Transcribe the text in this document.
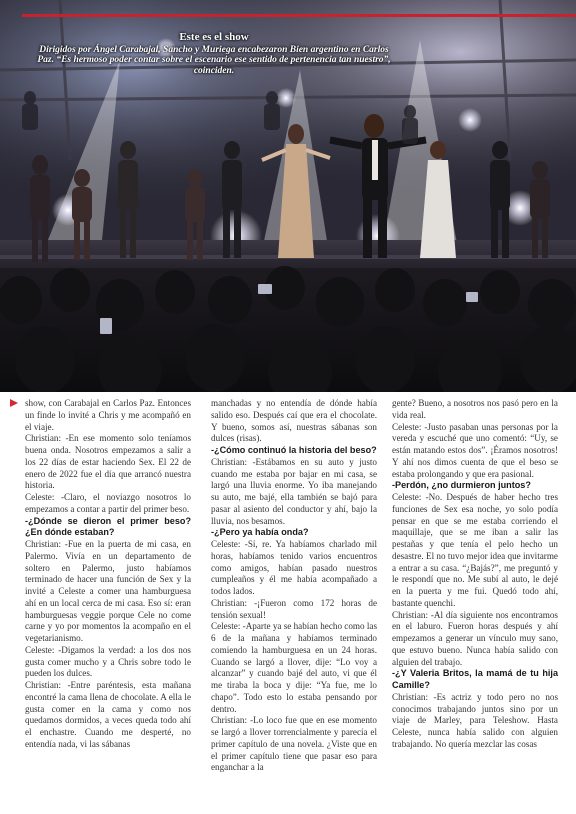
Este es el show
Dirigidos por Ángel Carabajal, Sancho y Muriega encabezaron Bien argentino en Carlos Paz. “Es hermoso poder contar sobre el escenario ese sentido de pertenencia tan nuestro”, coinciden.

show, con Carabajal en Carlos Paz. Entonces un finde lo invité a Chris y me acompañó en el viaje.

Christian: -En ese momento solo teníamos buena onda. Nosotros empezamos a salir a los 22 días de estar haciendo Sex. El 22 de enero de 2022 fue el día que arrancó nuestra historia.

Celeste: -Claro, el noviazgo nosotros lo empezamos a contar a partir del primer beso.

-¿Dónde se dieron el primer beso? ¿En dónde estaban?

Christian: -Fue en la puerta de mi casa, en Palermo. Vivía en un departamento de soltero en Palermo, justo habíamos terminado de hacer una función de Sex y la invité a Celeste a comer una hamburguesa ahí en un local cerca de mi casa. Eso sí: eran hamburguesas veggie porque Cele no come carne y yo por momentos la acompaño en el vegetarianismo.

Celeste: -Digamos la verdad: a los dos nos gusta comer mucho y a Chris sobre todo le pueden los dulces.

Christian: -Entre paréntesis, esta mañana encontré la cama llena de chocolate. A ella le gusta comer en la cama y como nos quedamos dormidos, a veces queda todo ahí el enchastre. Cuando me desperté, no entendía nada, vi las sábanas

manchadas y no entendía de dónde había salido eso. Después caí que era el chocolate. Y bueno, somos así, nuestras sábanas son dulces (risas).

-¿Cómo continuó la historia del beso?

Christian: -Estábamos en su auto y justo cuando me estaba por bajar en mi casa, se largó una lluvia enorme. Yo iba manejando su auto, me bajé, ella también se bajó para pasar al asiento del conductor y ahí, bajo la lluvia, nos besamos.

-¿Pero ya había onda?

Celeste: -Sí, re. Ya habíamos charlado mil horas, habíamos tenido varios encuentros como amigos, habían pasado nuestros cumpleaños y él me había acompañado a todos lados.

Christian: -¡Fueron como 172 horas de tensión sexual!

Celeste: -Aparte ya se habían hecho como las 6 de la mañana y habíamos terminado comiendo la hamburguesa en un 24 horas. Cuando se largó a llover, dije: “Lo voy a alcanzar” y cuando bajé del auto, vi que él me tiraba la boca y dije: “Ya fue, me lo chapo”. Todo esto lo estaba pensando por dentro.

Christian: -Lo loco fue que en ese momento se largó a llover torrencialmente y parecía el primer capítulo de una novela. ¿Viste que en el primer capítulo tiene que pasar eso para enganchar a la

gente? Bueno, a nosotros nos pasó pero en la vida real.

Celeste: -Justo pasaban unas personas por la vereda y escuché que uno comentó: “Uy, se están matando estos dos”. ¡Éramos nosotros! Y ahí nos dimos cuenta de que el beso se estaba prolongando y que era pasional.

-Perdón, ¿no durmieron juntos?

Celeste: -No. Después de haber hecho tres funciones de Sex esa noche, yo solo podía pensar en que se me estaba corriendo el maquillaje, que se me iban a salir las pestañas y que tenía el pelo hecho un desastre. El no tuvo mejor idea que invitarme a entrar a su casa. “¿Bajás?”, me preguntó y le respondí que no. Me subí al auto, le dejé en la puerta y me fui. Quedó todo ahí, bastante quenchi.

Christian: -Al día siguiente nos encontramos en el laburo. Fueron horas después y ahí empezamos a generar un vínculo muy sano, que estuvo bueno. Nunca había salido con alguien del trabajo.

-¿Y Valeria Britos, la mamá de tu hija Camille?

Christian: -Es actriz y todo pero no nos conocimos trabajando juntos sino por un viaje de Marley, para Teleshow. Hasta Celeste, nunca había salido con alguien trabajando. No quería mezclar las cosas
